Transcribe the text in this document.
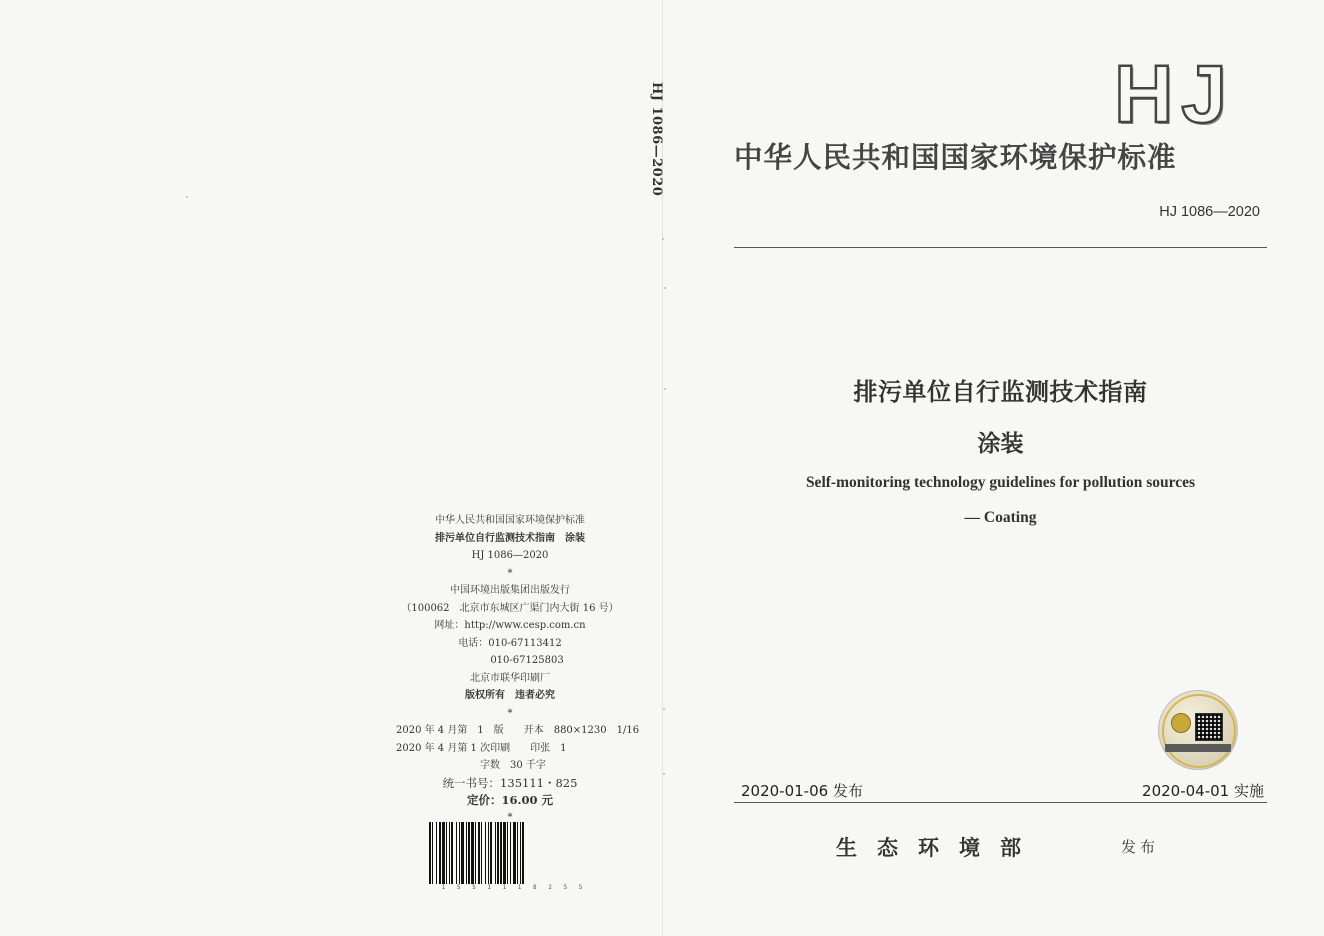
HJ 1086—2020
中华人民共和国国家环境保护标准
排污单位自行监测技术指南　涂装
HJ 1086—2020
*
中国环境出版集团出版发行
（100062　北京市东城区广渠门内大街 16 号）
网址：http://www.cesp.com.cn
电话：010-67113412
010-67125803
北京市联华印刷厂
版权所有　违者必究
*
2020 年 4 月第　1　版　　开本　880×1230　1/16
2020 年 4 月第 1 次印刷　　印张　1
字数　30 千字
统一书号：135111・825
定价：16.00 元
*
1 5 5 1 1 1 8 2 5 5
HJ
中华人民共和国国家环境保护标准
HJ 1086—2020
排污单位自行监测技术指南
涂装
Self-monitoring technology guidelines for pollution sources
— Coating
2020-01-06 发布	2020-04-01 实施
生态环境部	发布
